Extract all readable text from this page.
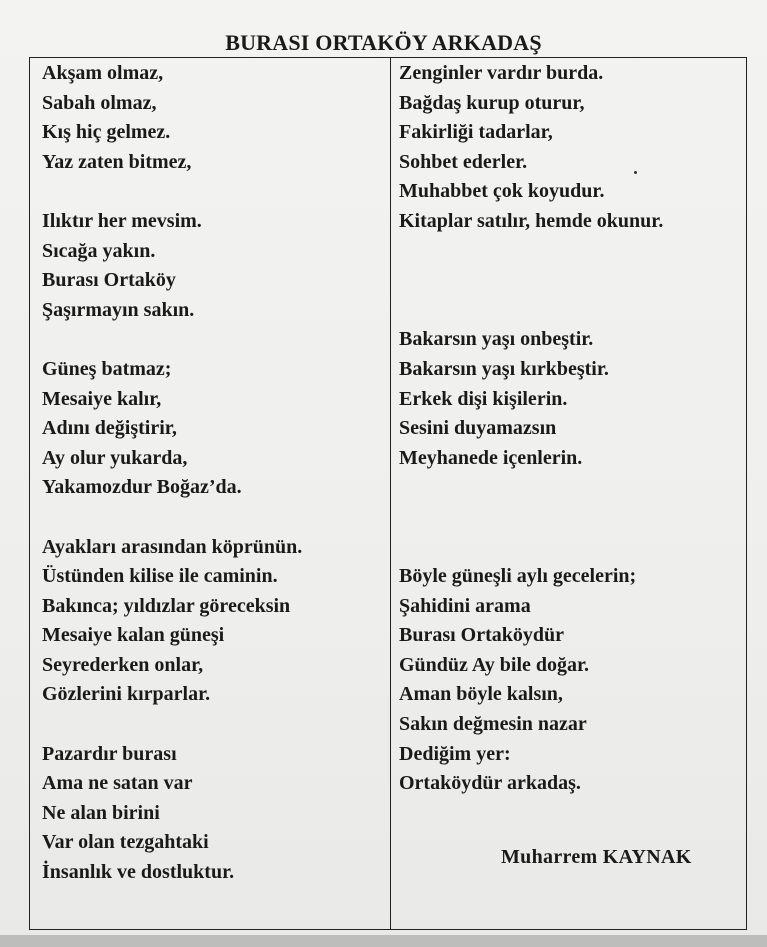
BURASI ORTAKÖY ARKADAŞ
Akşam olmaz,
Sabah olmaz,
Kış hiç gelmez.
Yaz zaten bitmez,
Ilıktır her mevsim.
Sıcağa yakın.
Burası Ortaköy
Şaşırmayın sakın.
Güneş batmaz;
Mesaiye kalır,
Adını değiştirir,
Ay olur yukarda,
Yakamozdur Boğaz’da.
Ayakları arasından köprünün.
Üstünden kilise ile caminin.
Bakınca; yıldızlar göreceksin
Mesaiye kalan güneşi
Seyrederken onlar,
Gözlerini kırparlar.
Pazardır burası
Ama ne satan var
Ne alan birini
Var olan tezgahtaki
İnsanlık ve dostluktur.
Zenginler vardır burda.
Bağdaş kurup oturur,
Fakirliği tadarlar,
Sohbet ederler.
Muhabbet çok koyudur.
Kitaplar satılır, hemde okunur.
Bakarsın yaşı onbeştir.
Bakarsın yaşı kırkbeştir.
Erkek dişi kişilerin.
Sesini duyamazsın
Meyhanede içenlerin.
Böyle güneşli aylı gecelerin;
Şahidini arama
Burası Ortaköydür
Gündüz Ay bile doğar.
Aman böyle kalsın,
Sakın değmesin nazar
Dediğim yer:
Ortaköydür arkadaş.
Muharrem KAYNAK
